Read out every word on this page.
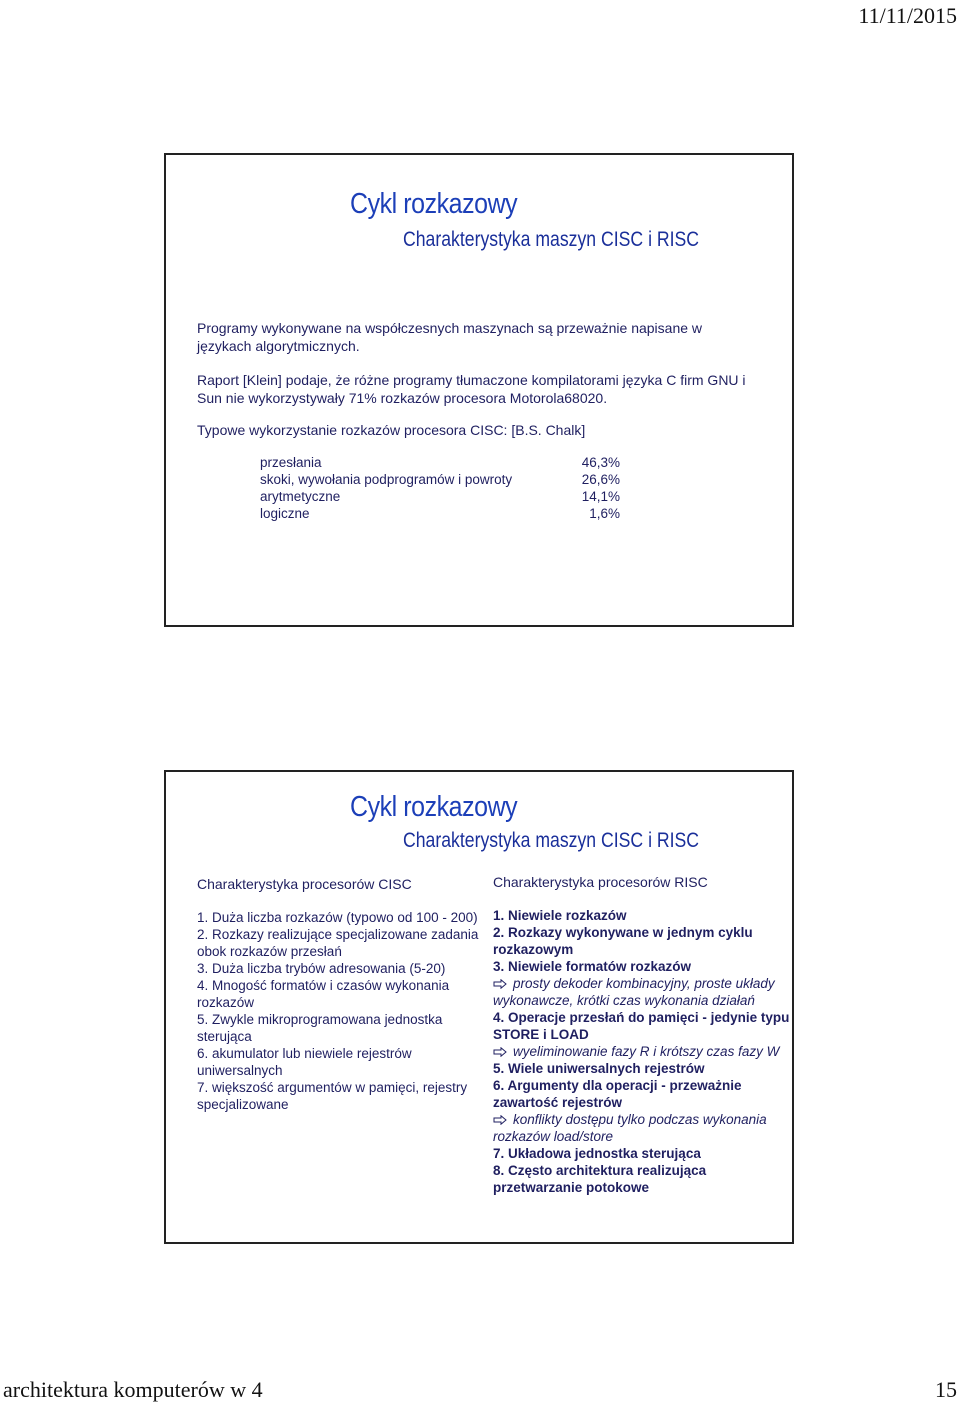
11/11/2015
Cykl rozkazowy
Charakterystyka maszyn CISC i RISC
Programy wykonywane na współczesnych maszynach są przeważnie napisane w językach algorytmicznych.
Raport [Klein] podaje, że różne programy tłumaczone kompilatorami języka C firm GNU i Sun nie wykorzystywały 71% rozkazów procesora Motorola68020.
Typowe wykorzystanie rozkazów procesora CISC: [B.S. Chalk]
przesłania	46,3%
skoki, wywołania podprogramów i powroty	26,6%
arytmetyczne	14,1%
logiczne	1,6%
Cykl rozkazowy
Charakterystyka maszyn CISC i RISC
Charakterystyka procesorów CISC
1. Duża liczba rozkazów (typowo od 100 - 200)
2. Rozkazy realizujące specjalizowane zadania obok rozkazów przesłań
3. Duża liczba trybów adresowania (5-20)
4. Mnogość formatów i czasów wykonania rozkazów
5. Zwykle mikroprogramowana jednostka sterująca
6. akumulator lub niewiele rejestrów uniwersalnych
7. większość argumentów w pamięci, rejestry specjalizowane
Charakterystyka procesorów RISC
1. Niewiele rozkazów
2. Rozkazy wykonywane w jednym cyklu rozkazowym
3. Niewiele formatów rozkazów
prosty dekoder kombinacyjny, proste układy wykonawcze, krótki czas wykonania działań
4. Operacje przesłań do pamięci - jedynie typu STORE i LOAD
wyeliminowanie fazy R i krótszy czas fazy W
5. Wiele uniwersalnych rejestrów
6. Argumenty dla operacji - przeważnie zawartość rejestrów
konflikty dostępu tylko podczas wykonania rozkazów load/store
7. Układowa jednostka sterująca
8. Często architektura realizująca przetwarzanie potokowe
architektura komputerów w 4	15
